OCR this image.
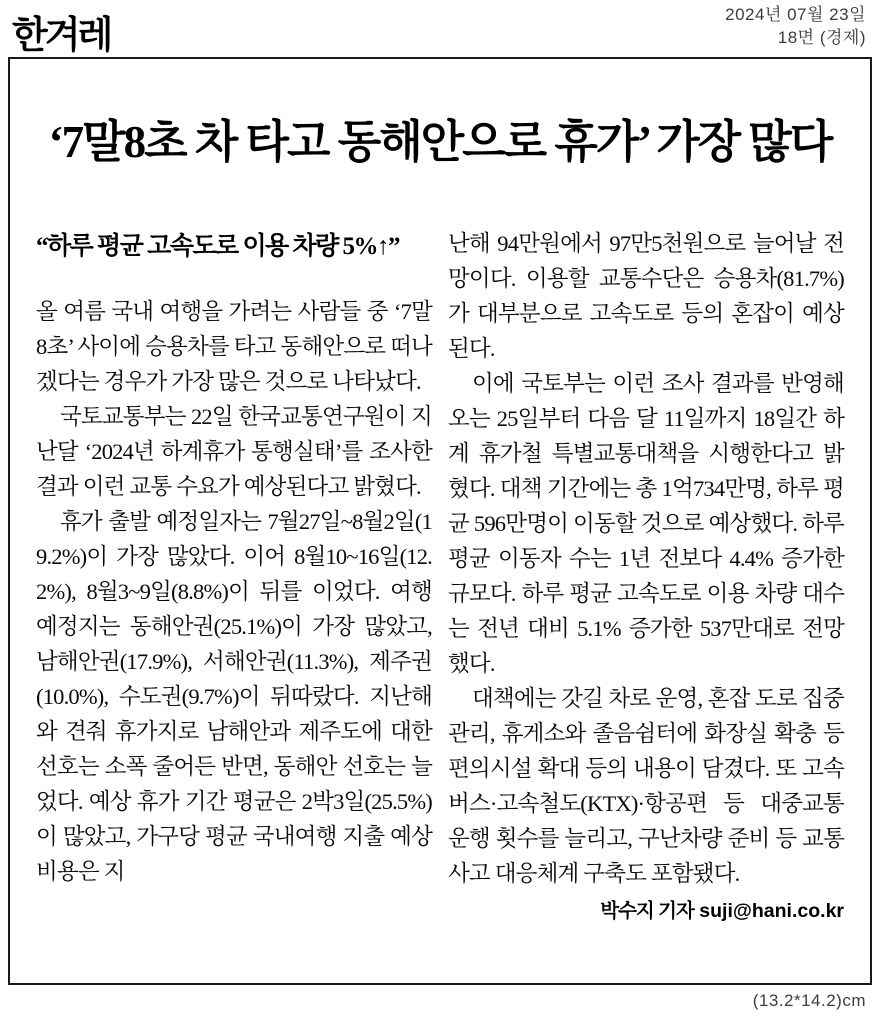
한겨레	2024년 07월 23일
18면 (경제)
‘7말8초 차 타고 동해안으로 휴가’ 가장 많다
“하루 평균 고속도로 이용 차량 5%↑”

올 여름 국내 여행을 가려는 사람들 중 ‘7말 8초’ 사이에 승용차를 타고 동해안으로 떠나겠다는 경우가 가장 많은 것으로 나타났다.

국토교통부는 22일 한국교통연구원이 지난달 ‘2024년 하계휴가 통행실태’를 조사한 결과 이런 교통 수요가 예상된다고 밝혔다.

휴가 출발 예정일자는 7월27일~8월2일(19.2%)이 가장 많았다. 이어 8월10~16일(12.2%), 8월3~9일(8.8%)이 뒤를 이었다. 여행 예정지는 동해안권(25.1%)이 가장 많았고, 남해안권(17.9%), 서해안권(11.3%), 제주권(10.0%), 수도권(9.7%)이 뒤따랐다. 지난해와 견줘 휴가지로 남해안과 제주도에 대한 선호는 소폭 줄어든 반면, 동해안 선호는 늘었다. 예상 휴가 기간 평균은 2박3일(25.5%)이 많았고, 가구당 평균 국내여행 지출 예상비용은 지

난해 94만원에서 97만5천원으로 늘어날 전망이다. 이용할 교통수단은 승용차(81.7%)가 대부분으로 고속도로 등의 혼잡이 예상된다.

이에 국토부는 이런 조사 결과를 반영해 오는 25일부터 다음 달 11일까지 18일간 하계 휴가철 특별교통대책을 시행한다고 밝혔다. 대책 기간에는 총 1억734만명, 하루 평균 596만명이 이동할 것으로 예상했다. 하루 평균 이동자 수는 1년 전보다 4.4% 증가한 규모다. 하루 평균 고속도로 이용 차량 대수는 전년 대비 5.1% 증가한 537만대로 전망했다.

대책에는 갓길 차로 운영, 혼잡 도로 집중 관리, 휴게소와 졸음쉼터에 화장실 확충 등 편의시설 확대 등의 내용이 담겼다. 또 고속버스·고속철도(KTX)·항공편 등 대중교통 운행 횟수를 늘리고, 구난차량 준비 등 교통사고 대응체계 구축도 포함됐다.

박수지 기자 suji@hani.co.kr
(13.2*14.2)cm
